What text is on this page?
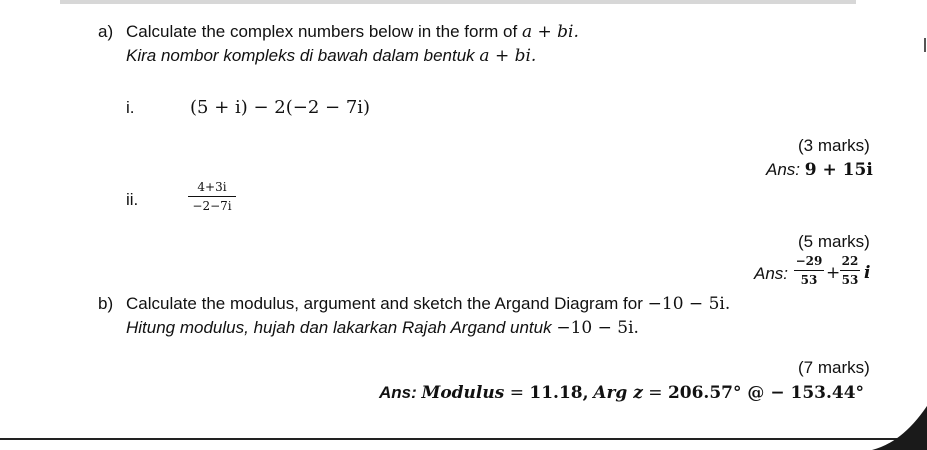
a) Calculate the complex numbers below in the form of a + bi.
Kira nombor kompleks di bawah dalam bentuk a + bi.
i.	(5 + i) − 2(−2 − 7i)
(3 marks)
Ans: 9 + 15i
ii.
4+3i
−2−7i
(5 marks)
Ans:
−29
53 +
22
53 i
b) Calculate the modulus, argument and sketch the Argand Diagram for −10 − 5i.
Hitung modulus, hujah dan lakarkan Rajah Argand untuk −10 − 5i.
(7 marks)
Ans: Modulus = 11.18, Arg z = 206.57° @ − 153.44°
